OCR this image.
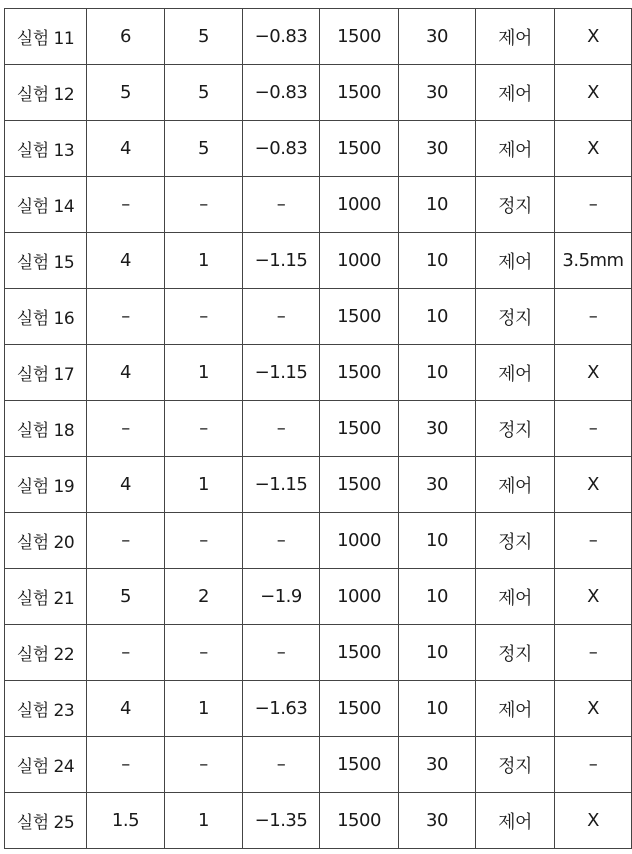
실험 11	6	5	−0.83	1500	30	제어	X
실험 12	5	5	−0.83	1500	30	제어	X
실험 13	4	5	−0.83	1500	30	제어	X
실험 14	–	–	–	1000	10	정지	–
실험 15	4	1	−1.15	1000	10	제어	3.5mm
실험 16	–	–	–	1500	10	정지	–
실험 17	4	1	−1.15	1500	10	제어	X
실험 18	–	–	–	1500	30	정지	–
실험 19	4	1	−1.15	1500	30	제어	X
실험 20	–	–	–	1000	10	정지	–
실험 21	5	2	−1.9	1000	10	제어	X
실험 22	–	–	–	1500	10	정지	–
실험 23	4	1	−1.63	1500	10	제어	X
실험 24	–	–	–	1500	30	정지	–
실험 25	1.5	1	−1.35	1500	30	제어	X
